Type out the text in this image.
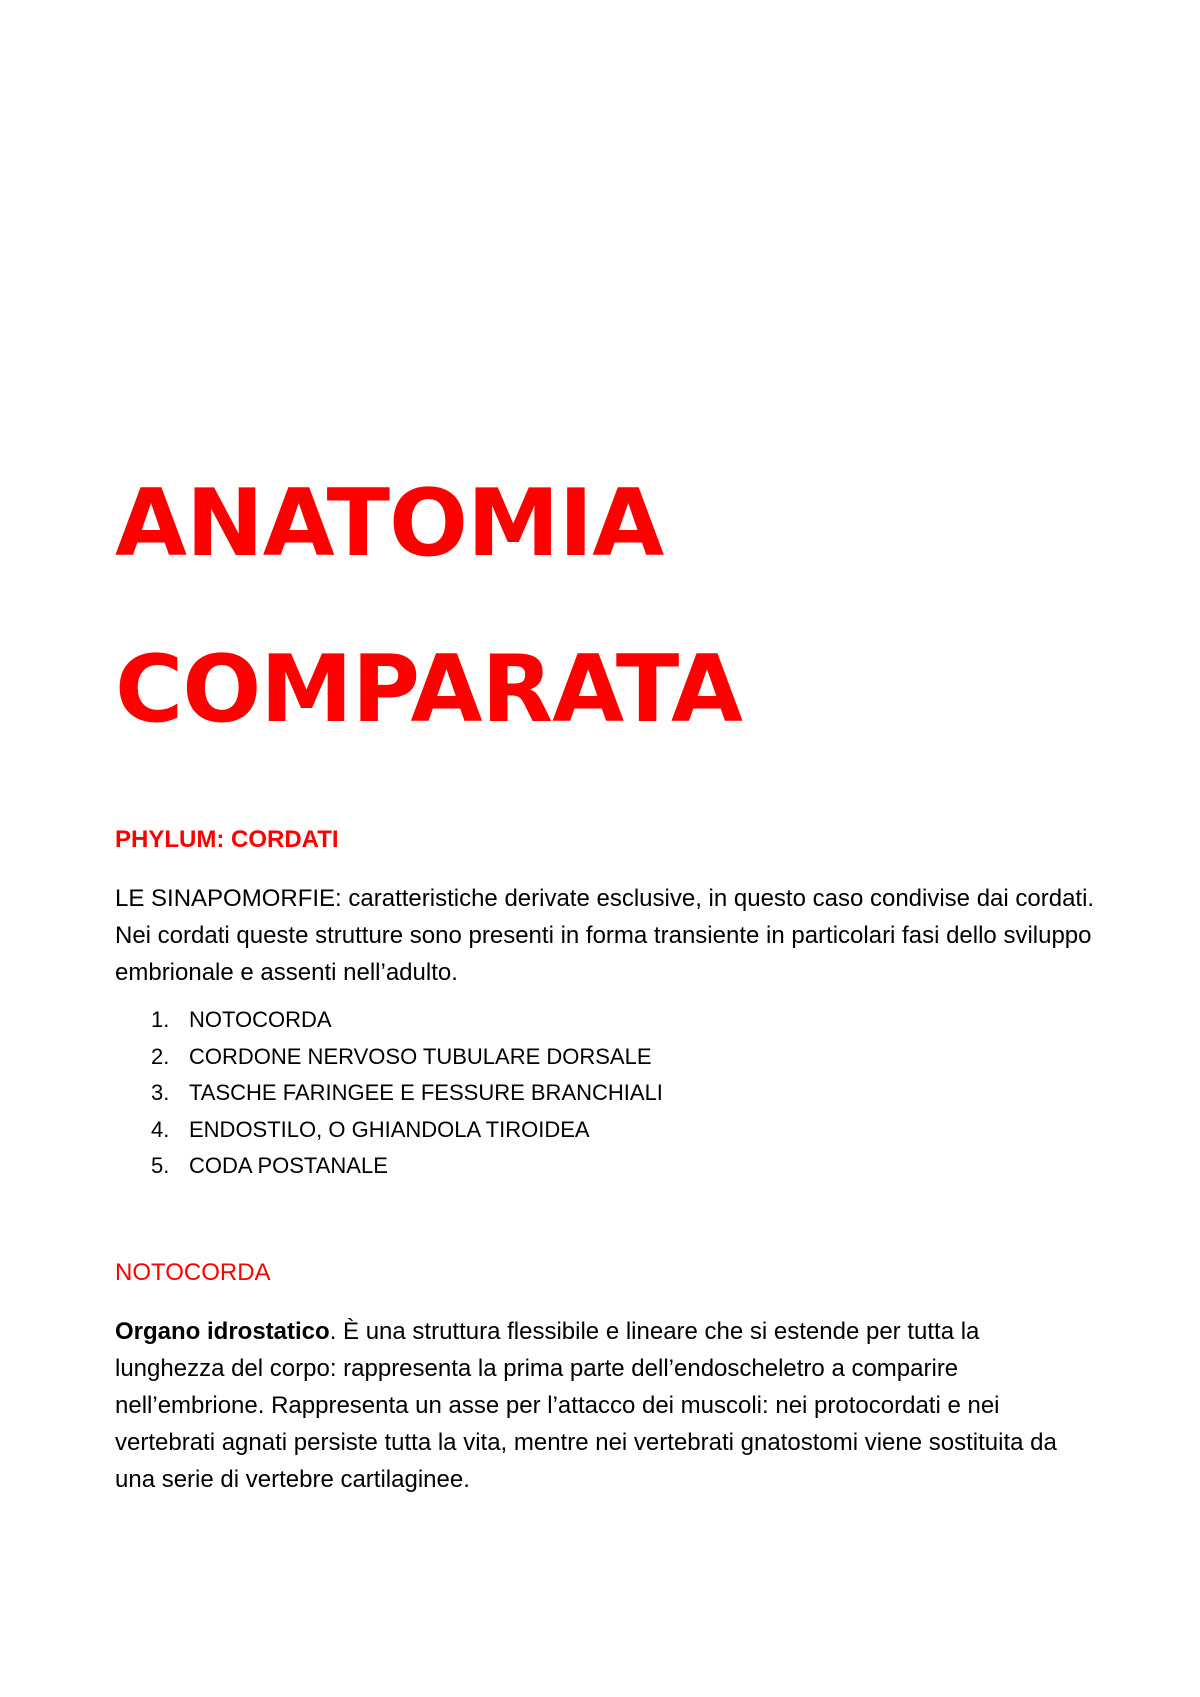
ANATOMIA
COMPARATA
PHYLUM: CORDATI

LE SINAPOMORFIE: caratteristiche derivate esclusive, in questo caso condivise dai cordati. Nei cordati queste strutture sono presenti in forma transiente in particolari fasi dello sviluppo embrionale e assenti nell’adulto.

1. NOTOCORDA
2. CORDONE NERVOSO TUBULARE DORSALE
3. TASCHE FARINGEE E FESSURE BRANCHIALI
4. ENDOSTILO, O GHIANDOLA TIROIDEA
5. CODA POSTANALE
NOTOCORDA

Organo idrostatico. È una struttura flessibile e lineare che si estende per tutta la lunghezza del corpo: rappresenta la prima parte dell’endoscheletro a comparire nell’embrione. Rappresenta un asse per l’attacco dei muscoli: nei protocordati e nei vertebrati agnati persiste tutta la vita, mentre nei vertebrati gnatostomi viene sostituita da una serie di vertebre cartilaginee.
